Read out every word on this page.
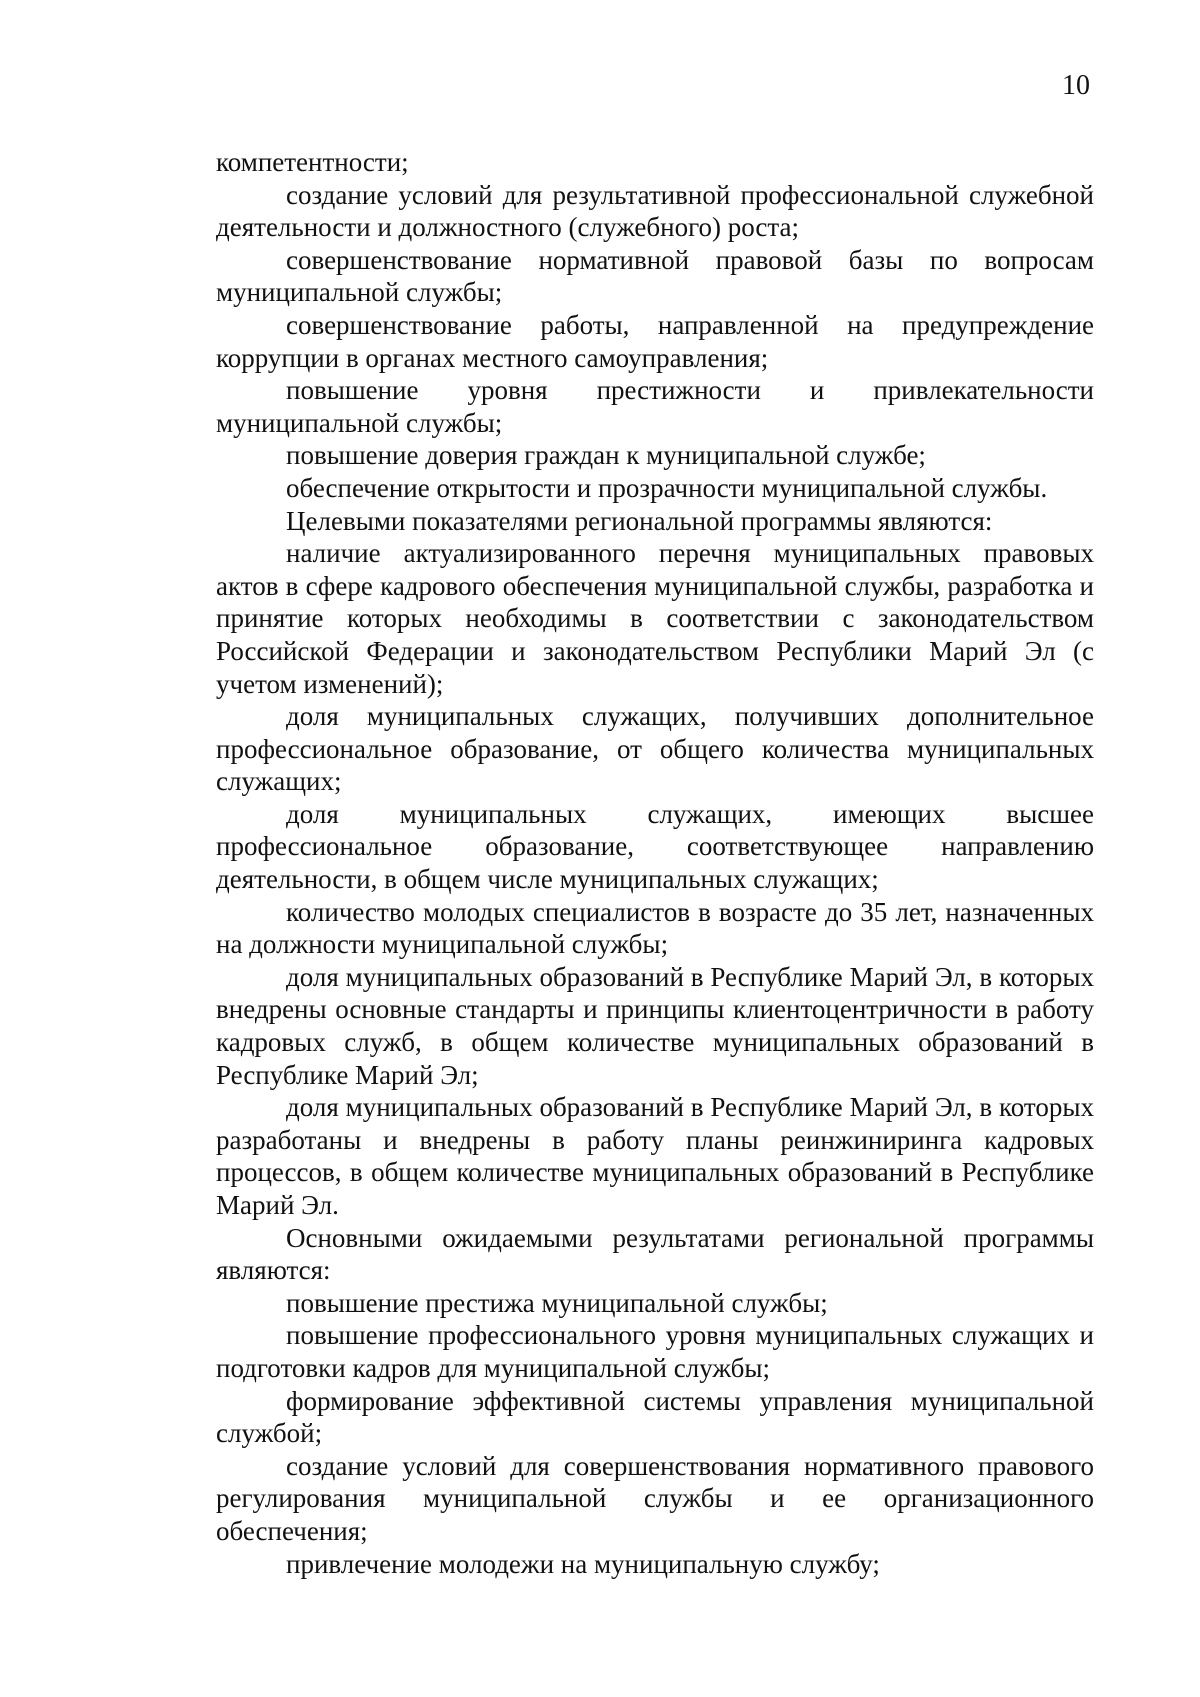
10

компетентности;

создание условий для результативной профессиональной служебной деятельности и должностного (служебного) роста;

совершенствование нормативной правовой базы по вопросам муниципальной службы;

совершенствование работы, направленной на предупреждение коррупции в органах местного самоуправления;

повышение уровня престижности и привлекательности муниципальной службы;

повышение доверия граждан к муниципальной службе;

обеспечение открытости и прозрачности муниципальной службы.

Целевыми показателями региональной программы являются:

наличие актуализированного перечня муниципальных правовых актов в сфере кадрового обеспечения муниципальной службы, разработка и принятие которых необходимы в соответствии с законодательством Российской Федерации и законодательством Республики Марий Эл (с учетом изменений);

доля муниципальных служащих, получивших дополнительное профессиональное образование, от общего количества муниципальных служащих;

доля муниципальных служащих, имеющих высшее профессиональное образование, соответствующее направлению деятельности, в общем числе муниципальных служащих;

количество молодых специалистов в возрасте до 35 лет, назначенных на должности муниципальной службы;

доля муниципальных образований в Республике Марий Эл, в которых внедрены основные стандарты и принципы клиентоцентричности в работу кадровых служб, в общем количестве муниципальных образований в Республике Марий Эл;

доля муниципальных образований в Республике Марий Эл, в которых разработаны и внедрены в работу планы реинжиниринга кадровых процессов, в общем количестве муниципальных образований в Республике Марий Эл.

Основными ожидаемыми результатами региональной программы являются:

повышение престижа муниципальной службы;

повышение профессионального уровня муниципальных служащих и подготовки кадров для муниципальной службы;

формирование эффективной системы управления муниципальной службой;

создание условий для совершенствования нормативного правового регулирования муниципальной службы и ее организационного обеспечения;

привлечение молодежи на муниципальную службу;
